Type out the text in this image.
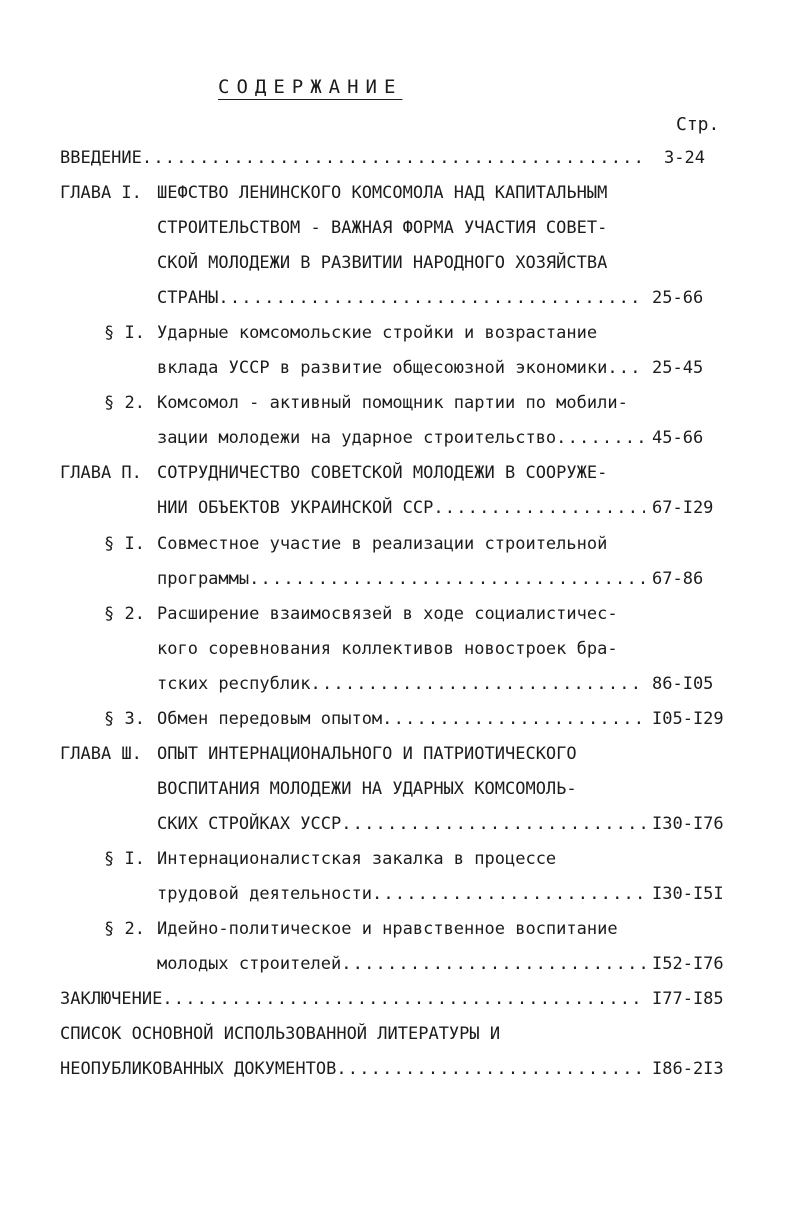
СОДЕРЖАНИЕ
Стр.
ВВЕДЕНИЕ .....	3-24
ГЛАВА I. ШЕФСТВО ЛЕНИНСКОГО КОМСОМОЛА НАД КАПИТАЛЬНЫМ
СТРОИТЕЛЬСТВОМ - ВАЖНАЯ ФОРМА УЧАСТИЯ СОВЕТ-
СКОЙ МОЛОДЕЖИ В РАЗВИТИИ НАРОДНОГО ХОЗЯЙСТВА
СТРАНЫ .....	25-66
§ I. Ударные комсомольские стройки и возрастание
вклада УССР в развитие общесоюзной экономики .....	25-45
§ 2. Комсомол - активный помощник партии по мобили-
зации молодежи на ударное строительство .....	45-66
ГЛАВА П. СОТРУДНИЧЕСТВО СОВЕТСКОЙ МОЛОДЕЖИ В СООРУЖЕ-
НИИ ОБЪЕКТОВ УКРАИНСКОЙ ССР .....	67-I29
§ I. Совместное участие в реализации строительной
программы .....	67-86
§ 2. Расширение взаимосвязей в ходе социалистичес-
кого соревнования коллективов новостроек бра-
тских республик .....	86-I05
§ 3. Обмен передовым опытом .....	I05-I29
ГЛАВА Ш. ОПЫТ ИНТЕРНАЦИОНАЛЬНОГО И ПАТРИОТИЧЕСКОГО
ВОСПИТАНИЯ МОЛОДЕЖИ НА УДАРНЫХ КОМСОМОЛЬ-
СКИХ СТРОЙКАХ УССР .....	I30-I76
§ I. Интернационалистская закалка в процессе
трудовой деятельности .....	I30-I5I
§ 2. Идейно-политическое и нравственное воспитание
молодых строителей .....	I52-I76
ЗАКЛЮЧЕНИЕ .....	I77-I85
СПИСОК ОСНОВНОЙ ИСПОЛЬЗОВАННОЙ ЛИТЕРАТУРЫ И
НЕОПУБЛИКОВАННЫХ ДОКУМЕНТОВ .....	I86-2I3
